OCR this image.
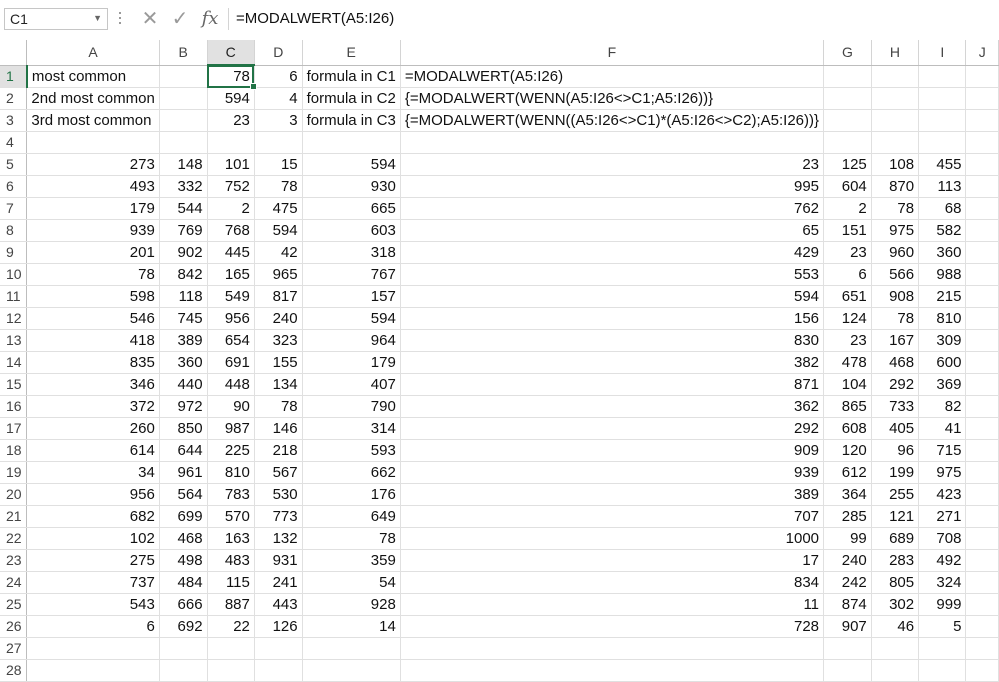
C1	▼ ✕ ✓ fx	=MODALWERT(A5:I26)
	A	B	C	D	E	F	G	H	I	J
1	most common		78	6	formula in C1	=MODALWERT(A5:I26)				
2	2nd most common		594	4	formula in C2	{=MODALWERT(WENN(A5:I26<>C1;A5:I26))}				
3	3rd most common		23	3	formula in C3	{=MODALWERT(WENN((A5:I26<>C1)*(A5:I26<>C2);A5:I26))}				
4										
5	273	148	101	15	594	23	125	108	455	
6	493	332	752	78	930	995	604	870	113	
7	179	544	2	475	665	762	2	78	68	
8	939	769	768	594	603	65	151	975	582	
9	201	902	445	42	318	429	23	960	360	
10	78	842	165	965	767	553	6	566	988	
11	598	118	549	817	157	594	651	908	215	
12	546	745	956	240	594	156	124	78	810	
13	418	389	654	323	964	830	23	167	309	
14	835	360	691	155	179	382	478	468	600	
15	346	440	448	134	407	871	104	292	369	
16	372	972	90	78	790	362	865	733	82	
17	260	850	987	146	314	292	608	405	41	
18	614	644	225	218	593	909	120	96	715	
19	34	961	810	567	662	939	612	199	975	
20	956	564	783	530	176	389	364	255	423	
21	682	699	570	773	649	707	285	121	271	
22	102	468	163	132	78	1000	99	689	708	
23	275	498	483	931	359	17	240	283	492	
24	737	484	115	241	54	834	242	805	324	
25	543	666	887	443	928	11	874	302	999	
26	6	692	22	126	14	728	907	46	5	
27										
28										
